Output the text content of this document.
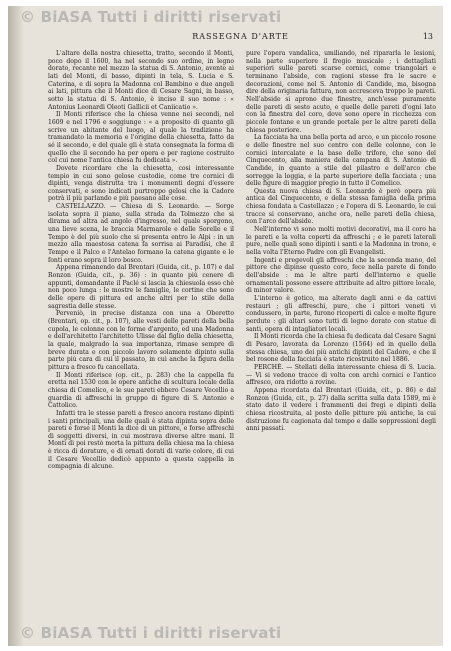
© BiASA Tutti i diritti riservati
RASSEGNA D'ARTE	13

L'altare della nostra chiesetta, tratto, secondo il Monti, poco dopo il 1600, ha nel secondo suo ordine, in legno dorato, recante nel mezzo la statua di S. Antonio, avente ai lati del Monti, di basso, dipinti in tela, S. Lucia e S. Caterina, e di sopra la Madonna col Bambino e due angeli ai lati, pittura che il Monti dice di Cesare Sagni, in basso, sotto la statua di S. Antonio, è inciso il suo nome : « Antonius Leonardi Oleoti Gallicii et Caniicatio ».

Il Monti riferisce che la chiesa venne nei secondi, nel 1609 e nel 1796 e soggiunge : « a proposito di quanto gli scrive un abitante del luogo, al quale la tradizione ha tramandato la memoria e l'origine della chiesetta, fatto da sé il secondo, e del quale gli è stata consegnata la forma di quello che il secondo ha per opera e per ragione costruito col cui nome l'antica chiesa fu dedicata ».

Dovete ricordare che la chiesetta, cosi interessante tempio in cui sono gelose custodie, come tre cornici di dipinti, venga distrutta tra i monumenti degni d'essere conservati, e sono indicati purtroppo gelosi che la Cadore potrà il più parlando e più paesano alle cose.

CASTELLAZZO. — Chiesa di S. Leonardo. — Sorge isolata sopra il piano, sulla strada da Tolmezzo che si dirama ad altra ad angolo d'ingresso, nel quale sporgono, una lieve scena, le braccia Marmarole e delle Sorelle e il Tempo è del più suolo che si presenta entro le Alpi : in un mezzo alla maestosa catena fa sorrisa ai Paradisi, che il Tempo e il Palco e l'Antelao formano la catena gigante e le fonti erano sopra il loro bosco.

Appena rimanendo dal Brentari (Guida, cit., p. 107) e dal Ronzon (Guida, cit., p. 36) : in quanto più cenere di appunti, domandante il Paclé si lascia la chiesuola esso chè non poco lunga : le mostre le famiglie, le cortine che sono delle opere di pittura ed anche altri per lo stile della sagrestia delle stesse.

Perveniò, in precise distanza con una a Oberetto (Brentari, op. cit., p. 107), alle vesti delle pareti della bella cupola, le colonne con le forme d'argento, ed una Madonna e dell'architetto l'architetto Ulisse dal figlio della chiesetta, la quale, malgrado la sua importanza, rimase sempre di breve durata e con piccolo lavoro solamente dipinto sulla parte più cara di cui il passato, in cui anche la figura della pittura a fresco fu cancellata.

Il Monti riferisce (op. cit., p. 283) che la cappella fu eretta nel 1530 con le opere antiche di scultura locale della chiesa di Comelico, e le sue pareti ebbero Cesare Vecellio a guardia di affreschi in gruppo di figure di S. Antonio e Cattolico.

Infatti tra le stesse pareti a fresco ancora restano dipinti i santi principali, una delle quali è stata dipinta sopra delle pareti e forse il Monti la dice di un pittore, e forse affreschi di soggetti diversi, in cui mostrava diverse altre mani. Il Monti di poi restò morta la pittura della chiesa ma la chiesa è ricca di dorature, e di ornati dorati di vario colore, di cui il Cesare Vecellio dedicò appunto a questa cappella in compagnia di alcune.

pure l'opera vandalica, umiliando, nel ripararla le lesioni, nella parte superiore il fregio musicale ; i dettagliati superiori sulle pareti scarse cornici, come triangolari e terminano l'abside, con ragioni stesse fra le sacre e decorazioni, come nel S. Antonio di Candide, ma, bisogna dire della originaria fattura, non accresceva troppo le pareti. Nell'abside si aprono due finestre, anch'esse puramente delle pareti di sesto acuto, e quelle delle pareti d'ogni lato con la finestra del coro, dove sono opere in ricchezza con piccole fontane e un grande portale per le altre pareti della chiesa posteriore.

La facciata ha una bella porta ad arco, e un piccolo rosone e delle finestre nel suo centro con delle colonne, con le cornici intercalate e la base delle trifore, che sono del Cinquecento, alla maniera della campana di S. Antonio di Candide, in quanto a stile del pilastro e dell'arco che sorregge la loggia, e la parte superiore della facciata ; una delle figure di maggior pregio in tutto il Comelico.

Questa nuova chiesa di S. Leonardo è però opera più antica del Cinquecento, e della stessa famiglia della prima chiesa fondata a Castellazzo ; e l'opera di S. Leonardo, le cui tracce si conservano, anche ora, nelle pareti della chiesa, con l'arco dell'abside.

Nell'interno vi sono molti motivi decorativi, ma il coro ha le pareti e la volta coperti da affreschi ; e le pareti laterali pure, nelle quali sono dipinti i santi e la Madonna in trono, e nella volta l'Eterno Padre con gli Evangelisti.

Ingenti e pregevoli gli affreschi che la seconda mano, del pittore che dipinse questo coro, fece nella parete di fondo dell'abside : ma le altre parti dell'interno e quelle ornamentali possono essere attribuite ad altro pittore locale, di minor valore.

L'interno è gotico, ma alterato dagli anni e da cattivi restauri ; gli affreschi, pure, che i pittori veneti vi condussero, in parte, furono ricoperti di calce e molte figure perdute : gli altari sono tutti di legno dorato con statue di santi, opera di intagliatori locali.

Il Monti ricorda che la chiesa fu dedicata dal Cesare Sagni di Pesaro, lavorata da Lorenzo (1564) ed in quello della stessa chiesa, uno dei più antichi dipinti del Cadore, e che il bel rosone della facciata è stato ricostruito nel 1886.

PERCHÉ. — Stellati della interessante chiesa di S. Lucia. — Vi si vedono tracce di volta con archi cornici e l'antico affresco, ora ridotto a rovine.

Appena ricordata dal Brentari (Guida, cit., p. 86) e dal Ronzon (Guida, cit., p. 27) dalla scritta sulla data 1589, mi è stato dato il vedere i frammenti dei fregi e dipinti della chiesa ricostruita, al posto delle pitture più antiche, la cui distruzione fu cagionata dal tempo e dalle soppressioni degli anni passati.

© BiASA Tutti i diritti riservati
